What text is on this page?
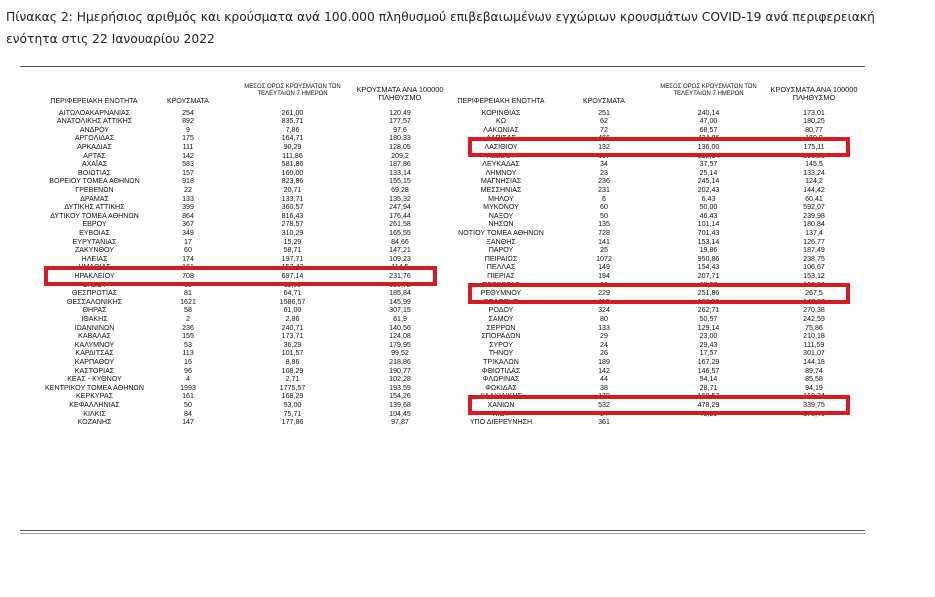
Πίνακας 2: Ημερήσιος αριθμός και κρούσματα ανά 100.000 πληθυσμού επιβεβαιωμένων εγχώριων κρουσμάτων COVID-19 ανά περιφερειακή ενότητα στις 22 Ιανουαρίου 2022
ΠΕΡΙΦΕΡΕΙΑΚΗ ΕΝΟΤΗΤΑ	ΚΡΟΥΣΜΑΤΑ
ΜΕΣΟΣ ΟΡΟΣ ΚΡΟΥΣΜΑΤΩΝ ΤΩΝ ΤΕΛΕΥΤΑΙΩΝ 7 ΗΜΕΡΩΝ	ΚΡΟΥΣΜΑΤΑ ΑΝΑ 100000 ΠΛΗΘΥΣΜΟ	ΠΕΡΙΦΕΡΕΙΑΚΗ ΕΝΟΤΗΤΑ	ΚΡΟΥΣΜΑΤΑ
ΜΕΣΟΣ ΟΡΟΣ ΚΡΟΥΣΜΑΤΩΝ ΤΩΝ ΤΕΛΕΥΤΑΙΩΝ 7 ΗΜΕΡΩΝ	ΚΡΟΥΣΜΑΤΑ ΑΝΑ 100000 ΠΛΗΘΥΣΜΟ
ΑΙΤΩΛΟΑΚΑΡΝΑΝΙΑΣ	254	261,00	120,49
ΑΝΑΤΟΛΙΚΗΣ ΑΤΤΙΚΗΣ	892	835,71	177,57
ΑΝΔΡΟΥ	9	7,86	97,6
ΑΡΓΟΛΙΔΑΣ	175	164,71	180,33
ΑΡΚΑΔΙΑΣ	111	90,29	128,05
ΑΡΤΑΣ	142	111,86	209,2
ΑΧΑΪΑΣ	583	581,86	187,86
ΒΟΙΩΤΙΑΣ	157	160,00	133,14
ΒΟΡΕΙΟΥ ΤΟΜΕΑ ΑΘΗΝΩΝ	918	823,86	155,15
ΓΡΕΒΕΝΩΝ	22	20,71	69,28
ΔΡΑΜΑΣ	133	133,71	135,32
ΔΥΤΙΚΗΣ ΑΤΤΙΚΗΣ	399	360,57	247,94
ΔΥΤΙΚΟΥ ΤΟΜΕΑ ΑΘΗΝΩΝ	864	816,43	176,44
ΕΒΡΟΥ	367	278,57	261,58
ΕΥΒΟΙΑΣ	349	310,29	165,55
ΕΥΡΥΤΑΝΙΑΣ	17	15,29	84,66
ΖΑΚΥΝΘΟΥ	60	58,71	147,21
ΗΛΕΙΑΣ	174	197,71	109,23
ΗΜΑΘΙΑΣ	161	157,43	114,5
ΗΡΑΚΛΕΙΟΥ	708	697,14	231,76
ΘΑΣΟΥ	18	11,00	130,72
ΘΕΣΠΡΩΤΙΑΣ	81	64,71	185,84
ΘΕΣΣΑΛΟΝΙΚΗΣ	1621	1586,57	145,99
ΘΗΡΑΣ	58	61,00	307,15
ΙΘΑΚΗΣ	2	2,86	61,9
ΙΩΑΝΝΙΝΩΝ	236	240,71	140,56
ΚΑΒΑΛΑΣ	155	173,71	124,08
ΚΑΛΥΜΝΟΥ	53	36,29	179,95
ΚΑΡΔΙΤΣΑΣ	113	101,57	99,52
ΚΑΡΠΑΘΟΥ	16	8,86	218,86
ΚΑΣΤΟΡΙΑΣ	96	108,29	190,77
ΚΕΑΣ - ΚΥΘΝΟΥ	4	2,71	102,28
ΚΕΝΤΡΙΚΟΥ ΤΟΜΕΑ ΑΘΗΝΩΝ	1993	1775,57	193,59
ΚΕΡΚΥΡΑΣ	161	168,29	154,26
ΚΕΦΑΛΛΗΝΙΑΣ	50	53,00	139,68
ΚΙΛΚΙΣ	84	75,71	104,45
ΚΟΖΑΝΗΣ	147	177,86	97,87
ΚΟΡΙΝΘΙΑΣ	251	240,14	173,01
ΚΩ	62	47,00	180,25
ΛΑΚΩΝΙΑΣ	72	68,57	80,77
ΛΑΡΙΣΑΣ	466	424,86	169,9
ΛΑΣΙΘΙΟΥ	132	136,00	175,11
ΛΕΣΒΟΥ	167	129,14	193,21
ΛΕΥΚΑΔΑΣ	34	37,57	145,5
ΛΗΜΝΟΥ	23	25,14	133,24
ΜΑΓΝΗΣΙΑΣ	236	245,14	124,2
ΜΕΣΣΗΝΙΑΣ	231	202,43	144,42
ΜΗΛΟΥ	6	6,43	60,41
ΜΥΚΟΝΟΥ	60	50,00	592,07
ΝΑΞΟΥ	50	46,43	239,98
ΝΗΣΩΝ	135	101,14	180,84
ΝΟΤΙΟΥ ΤΟΜΕΑ ΑΘΗΝΩΝ	728	701,43	137,4
ΞΑΝΘΗΣ	141	153,14	126,77
ΠΑΡΟΥ	25	19,86	187,49
ΠΕΙΡΑΙΩΣ	1072	950,86	238,75
ΠΕΛΛΑΣ	149	154,43	106,67
ΠΙΕΡΙΑΣ	194	207,71	153,12
ΠΡΕΒΕΖΑΣ	63	60,57	100,56
ΡΕΘΥΜΝΟΥ	229	251,86	267,5
ΡΟΔΟΠΗΣ	115	106,29	147,27
ΡΟΔΟΥ	324	262,71	270,38
ΣΑΜΟΥ	80	50,57	242,59
ΣΕΡΡΩΝ	133	129,14	75,86
ΣΠΟΡΑΔΩΝ	29	23,00	210,18
ΣΥΡΟΥ	24	29,43	111,59
ΤΗΝΟΥ	26	17,57	301,07
ΤΡΙΚΑΛΩΝ	189	167,29	144,18
ΦΘΙΩΤΙΔΑΣ	142	146,57	89,74
ΦΛΩΡΙΝΑΣ	44	54,14	85,58
ΦΩΚΙΔΑΣ	38	28,71	94,19
ΧΑΛΚΙΔΙΚΗΣ	179	160,57	160,24
ΧΑΝΙΩΝ	532	478,29	339,75
ΧΙΟΥ	84	79,29	176,46
ΥΠΟ ΔΙΕΡΕΥΝΗΣΗ	361
